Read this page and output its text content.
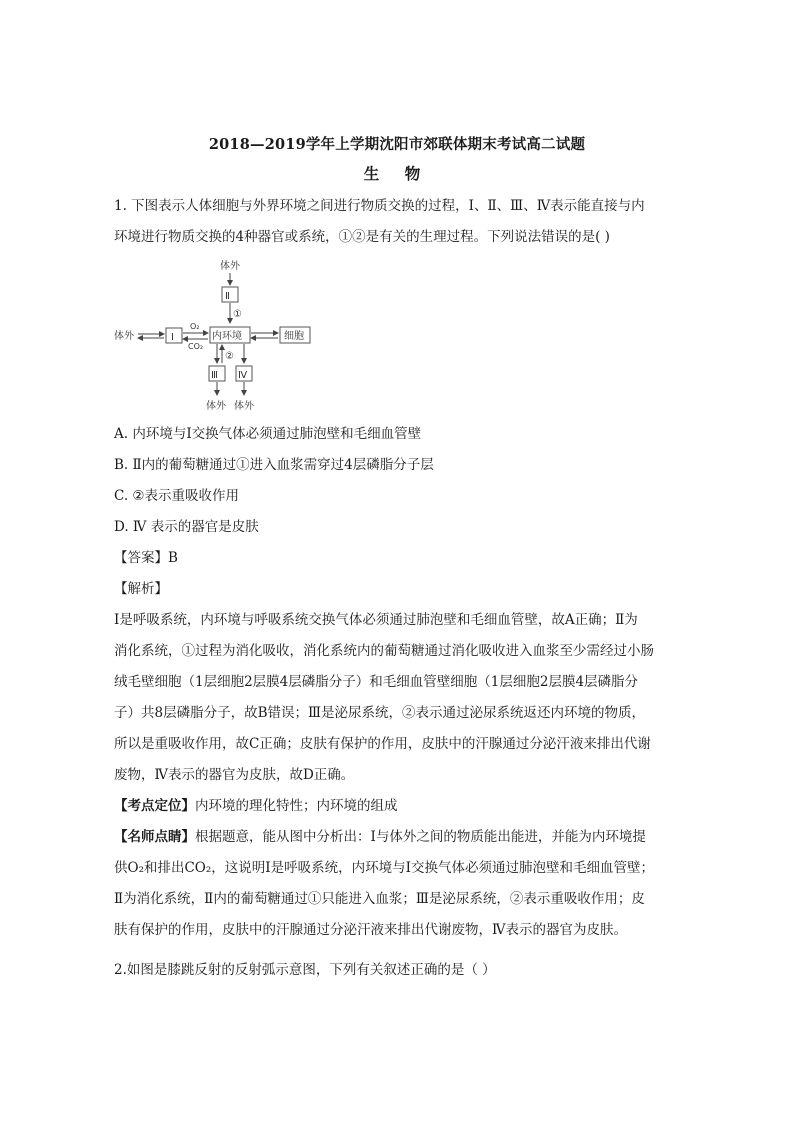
2018—2019学年上学期沈阳市郊联体期末考试高二试题
生 物
1. 下图表示人体细胞与外界环境之间进行物质交换的过程，Ⅰ、Ⅱ、Ⅲ、Ⅳ表示能直接与内
环境进行物质交换的4种器官或系统，①②是有关的生理过程。下列说法错误的是( )
体外
Ⅱ
①
体外	Ⅰ
O₂
CO₂
内环境	细胞
②
Ⅲ Ⅳ
体外 体外
A. 内环境与Ⅰ交换气体必须通过肺泡壁和毛细血管壁
B. Ⅱ内的葡萄糖通过①进入血浆需穿过4层磷脂分子层
C. ②表示重吸收作用
D. Ⅳ 表示的器官是皮肤
【答案】B
【解析】
Ⅰ是呼吸系统，内环境与呼吸系统交换气体必须通过肺泡壁和毛细血管壁，故A正确；Ⅱ为
消化系统，①过程为消化吸收，消化系统内的葡萄糖通过消化吸收进入血浆至少需经过小肠
绒毛壁细胞（1层细胞2层膜4层磷脂分子）和毛细血管壁细胞（1层细胞2层膜4层磷脂分
子）共8层磷脂分子，故B错误；Ⅲ是泌尿系统，②表示通过泌尿系统返还内环境的物质，
所以是重吸收作用，故C正确；皮肤有保护的作用，皮肤中的汗腺通过分泌汗液来排出代谢
废物，Ⅳ表示的器官为皮肤，故D正确。
【考点定位】内环境的理化特性；内环境的组成
【名师点睛】根据题意，能从图中分析出：Ⅰ与体外之间的物质能出能进，并能为内环境提
供O₂和排出CO₂，这说明Ⅰ是呼吸系统，内环境与Ⅰ交换气体必须通过肺泡壁和毛细血管壁；
Ⅱ为消化系统，Ⅱ内的葡萄糖通过①只能进入血浆；Ⅲ是泌尿系统，②表示重吸收作用；皮
肤有保护的作用，皮肤中的汗腺通过分泌汗液来排出代谢废物，Ⅳ表示的器官为皮肤。
2.如图是膝跳反射的反射弧示意图，下列有关叙述正确的是（ ）
